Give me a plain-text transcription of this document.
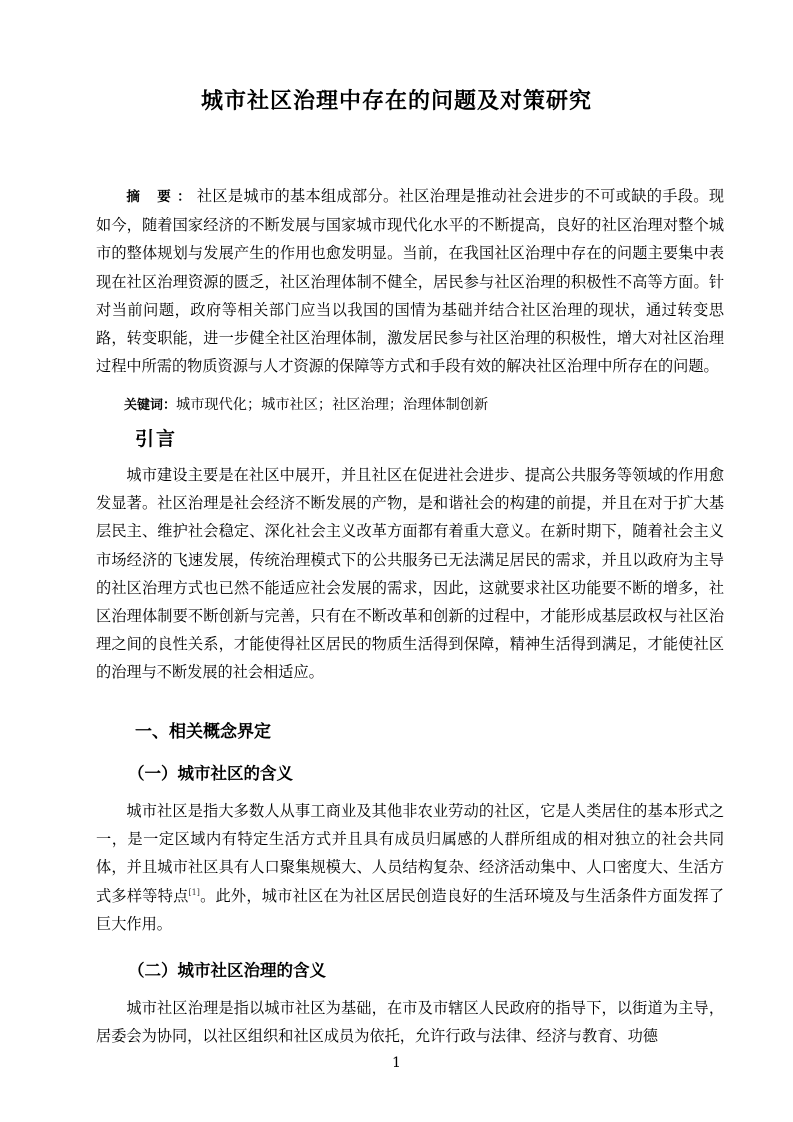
城市社区治理中存在的问题及对策研究
摘 要：社区是城市的基本组成部分。社区治理是推动社会进步的不可或缺的手段。现如今，随着国家经济的不断发展与国家城市现代化水平的不断提高，良好的社区治理对整个城市的整体规划与发展产生的作用也愈发明显。当前，在我国社区治理中存在的问题主要集中表现在社区治理资源的匮乏，社区治理体制不健全，居民参与社区治理的积极性不高等方面。针对当前问题，政府等相关部门应当以我国的国情为基础并结合社区治理的现状，通过转变思路，转变职能，进一步健全社区治理体制，激发居民参与社区治理的积极性，增大对社区治理过程中所需的物质资源与人才资源的保障等方式和手段有效的解决社区治理中所存在的问题。
关键词：城市现代化；城市社区；社区治理；治理体制创新
引言
城市建设主要是在社区中展开，并且社区在促进社会进步、提高公共服务等领域的作用愈发显著。社区治理是社会经济不断发展的产物，是和谐社会的构建的前提，并且在对于扩大基层民主、维护社会稳定、深化社会主义改革方面都有着重大意义。在新时期下，随着社会主义市场经济的飞速发展，传统治理模式下的公共服务已无法满足居民的需求，并且以政府为主导的社区治理方式也已然不能适应社会发展的需求，因此，这就要求社区功能要不断的增多，社区治理体制要不断创新与完善，只有在不断改革和创新的过程中，才能形成基层政权与社区治理之间的良性关系，才能使得社区居民的物质生活得到保障，精神生活得到满足，才能使社区的治理与不断发展的社会相适应。
一、相关概念界定
（一）城市社区的含义
城市社区是指大多数人从事工商业及其他非农业劳动的社区，它是人类居住的基本形式之一，是一定区域内有特定生活方式并且具有成员归属感的人群所组成的相对独立的社会共同体，并且城市社区具有人口聚集规模大、人员结构复杂、经济活动集中、人口密度大、生活方式多样等特点[1]。此外，城市社区在为社区居民创造良好的生活环境及与生活条件方面发挥了巨大作用。
（二）城市社区治理的含义
城市社区治理是指以城市社区为基础，在市及市辖区人民政府的指导下，以街道为主导，居委会为协同，以社区组织和社区成员为依托，允许行政与法律、经济与教育、功德
1
